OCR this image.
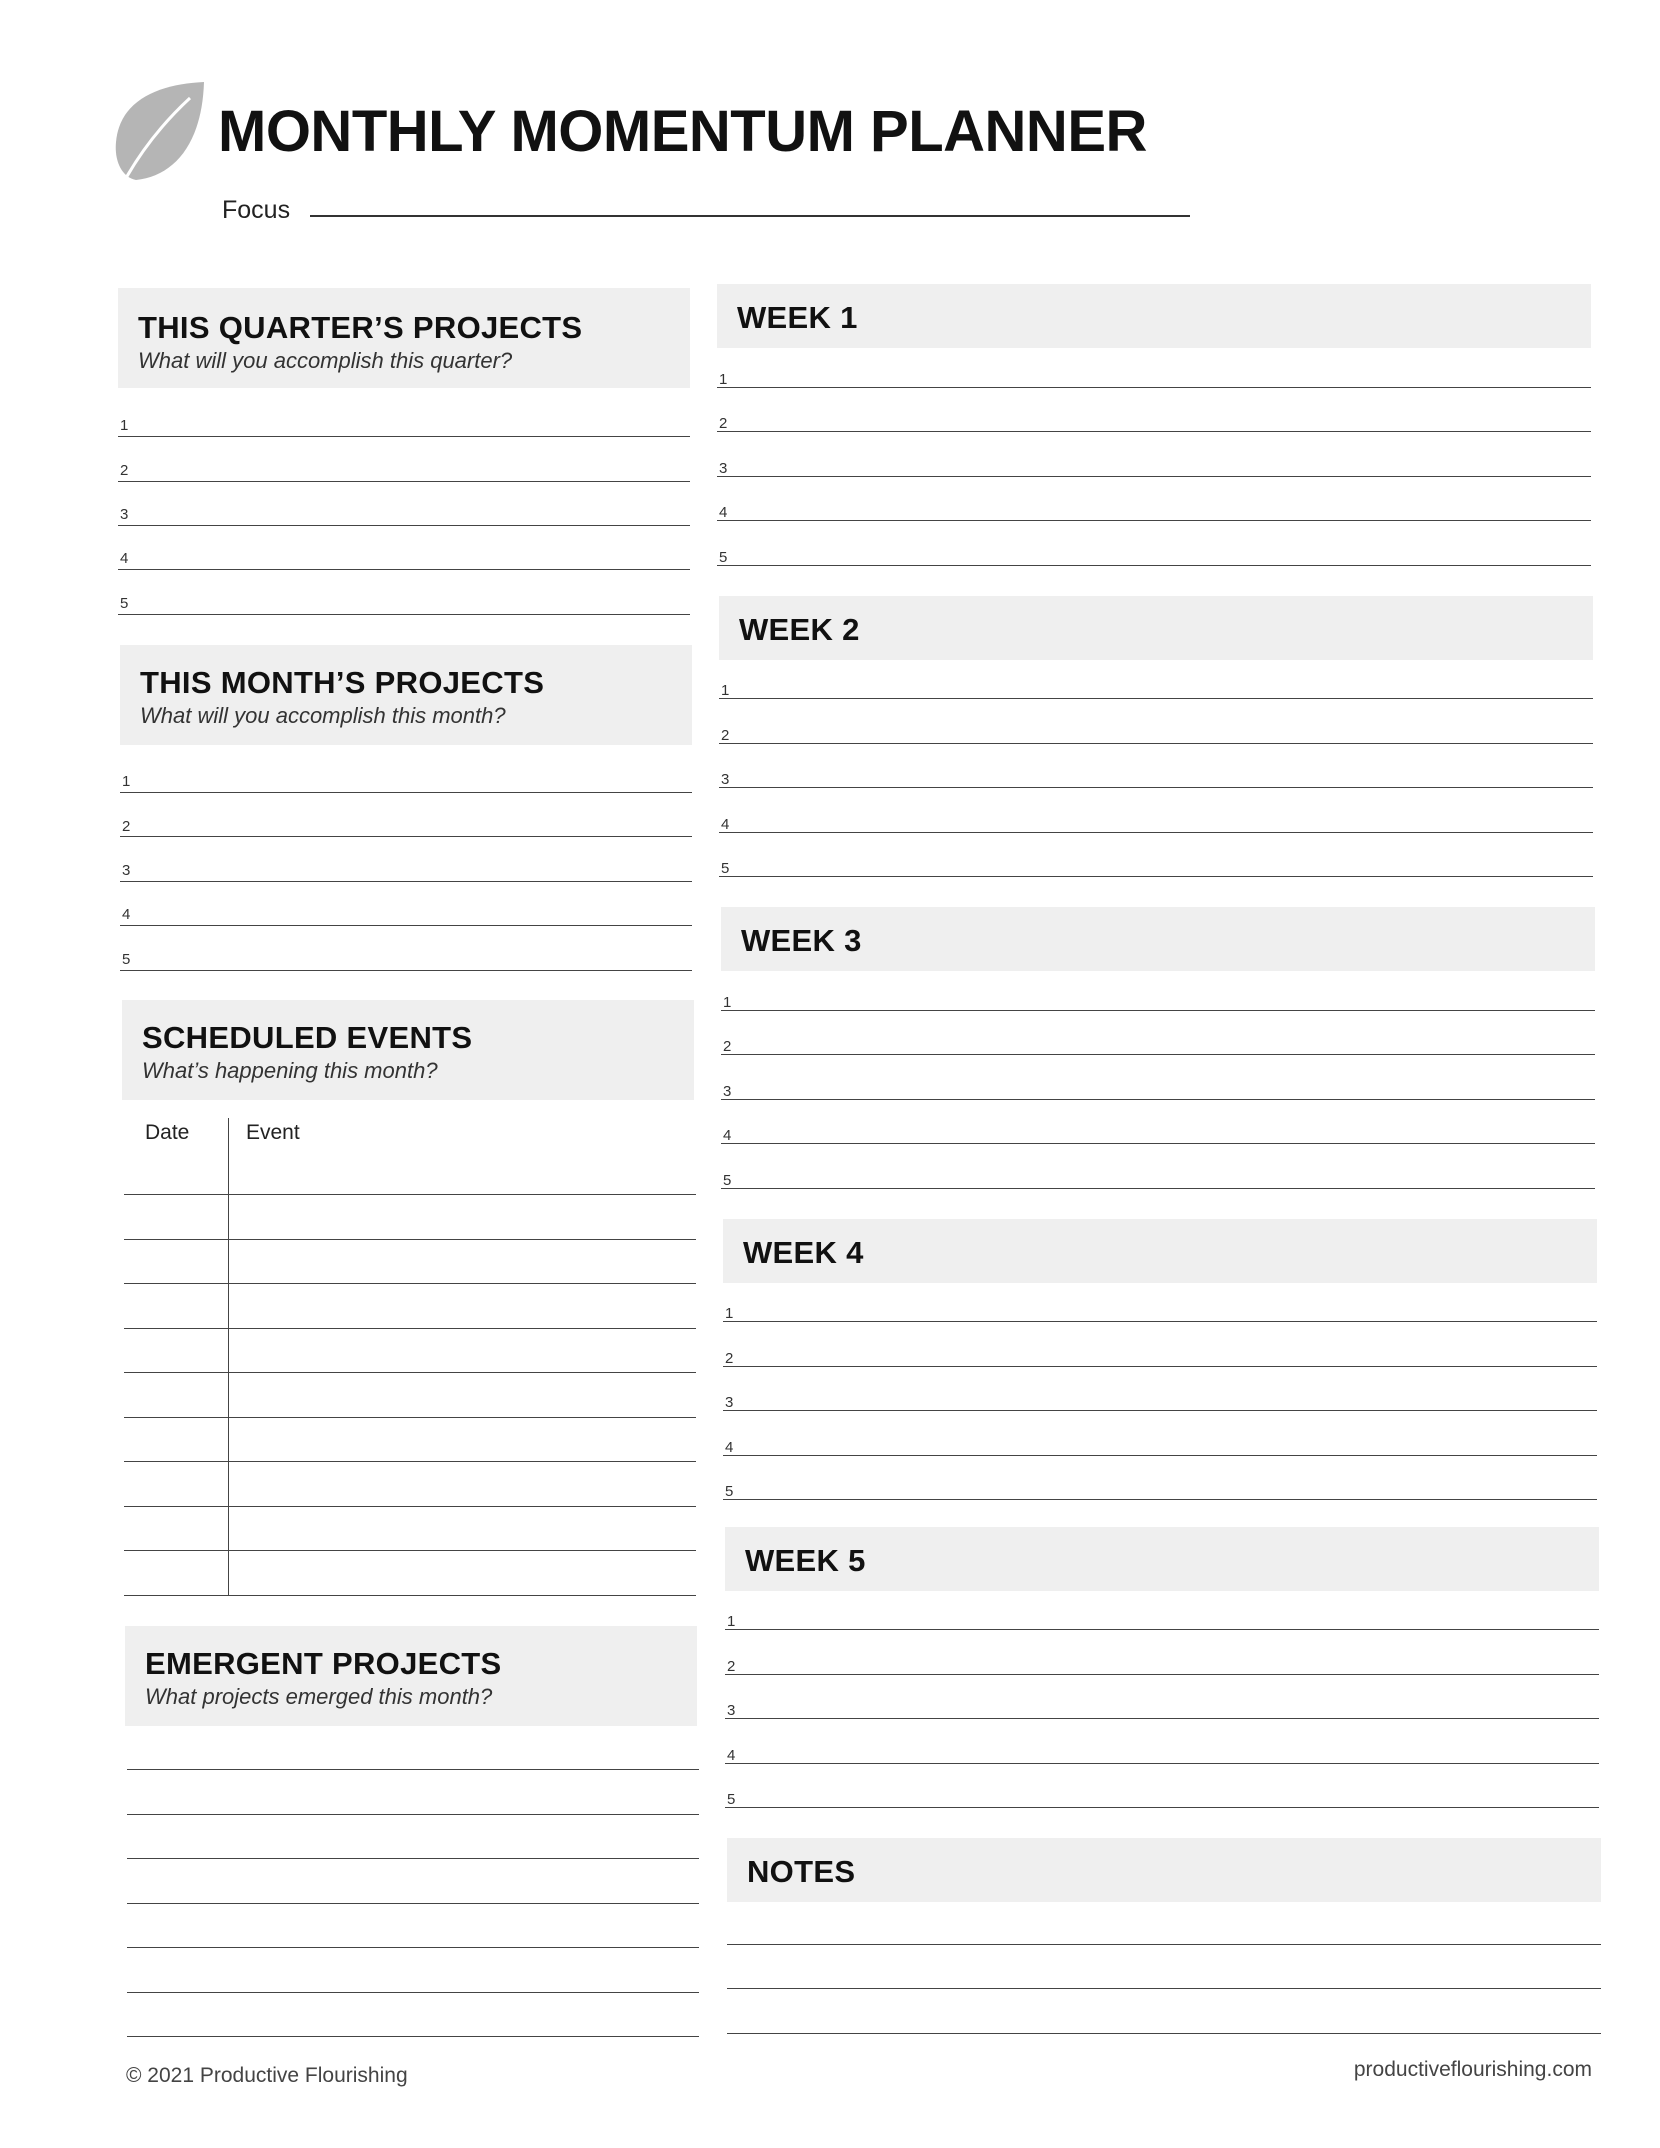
MONTHLY MOMENTUM PLANNER
Focus
THIS QUARTER’S PROJECTS
What will you accomplish this quarter?
1
2
3
4
5
THIS MONTH’S PROJECTS
What will you accomplish this month?
1
2
3
4
5
SCHEDULED EVENTS
What’s happening this month?
Date	Event
EMERGENT PROJECTS
What projects emerged this month?
WEEK 1
1
2
3
4
5
WEEK 2
1
2
3
4
5
WEEK 3
1
2
3
4
5
WEEK 4
1
2
3
4
5
WEEK 5
1
2
3
4
5
NOTES
© 2021 Productive Flourishing	productiveflourishing.com
